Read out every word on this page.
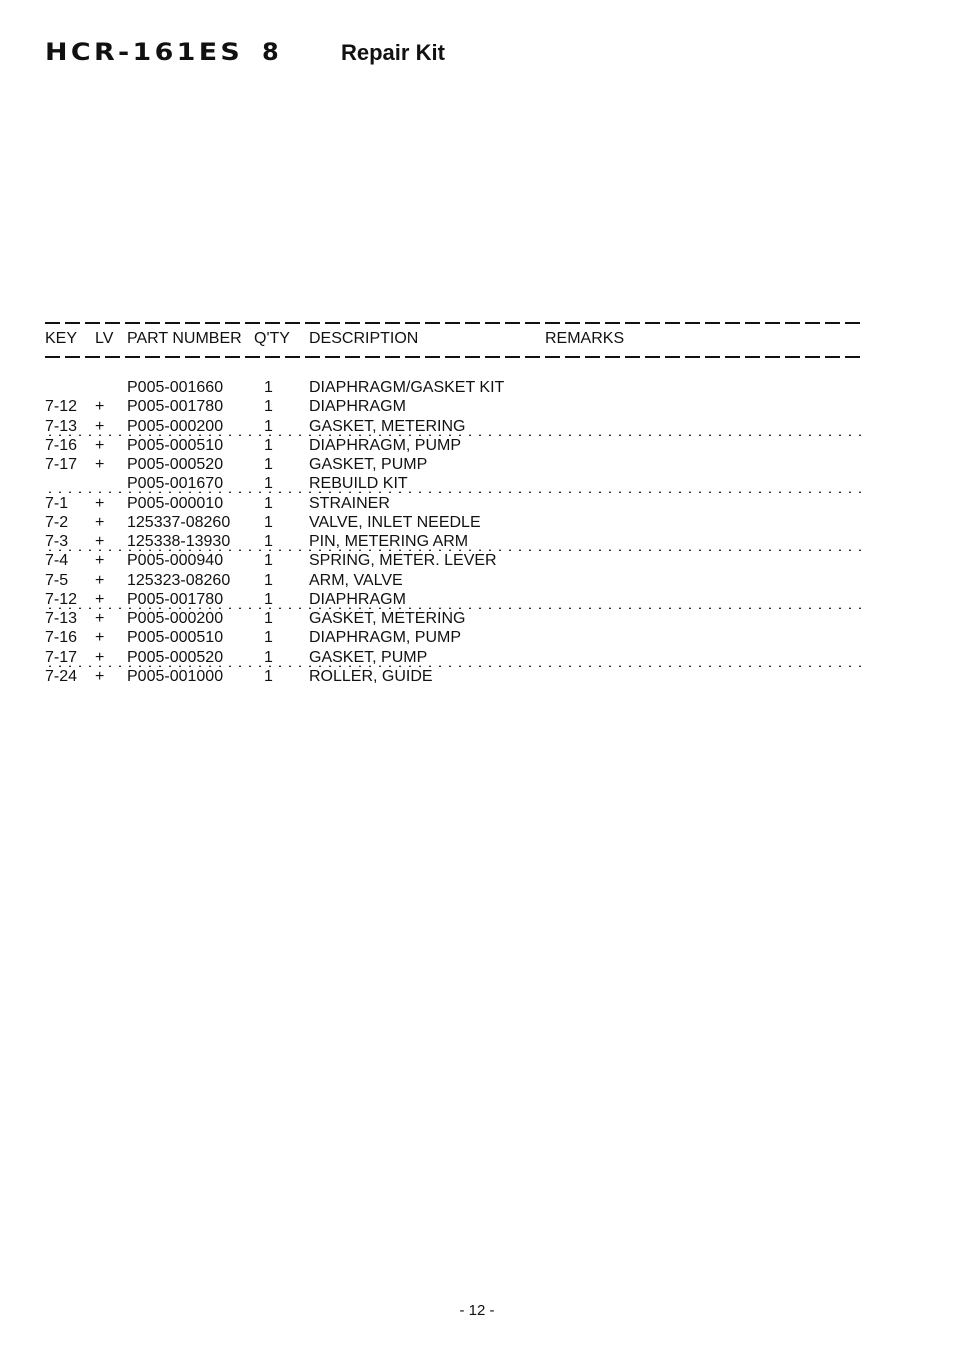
HCR-161ES 8	Repair Kit
KEY LV PART NUMBER Q'TY DESCRIPTION	REMARKS
P005-001660	1 DIAPHRAGM/GASKET KIT
7-12 + P005-001780	1 DIAPHRAGM
7-13 + P005-000200	1 GASKET, METERING
7-16 + P005-000510	1 DIAPHRAGM, PUMP
7-17 + P005-000520	1 GASKET, PUMP
P005-001670	1 REBUILD KIT
7-1 + P005-000010	1 STRAINER
7-2 + 125337-08260 1 VALVE, INLET NEEDLE
7-3 + 125338-13930 1 PIN, METERING ARM
7-4 + P005-000940	1 SPRING, METER. LEVER
7-5 + 125323-08260 1 ARM, VALVE
7-12 + P005-001780	1 DIAPHRAGM
7-13 + P005-000200	1 GASKET, METERING
7-16 + P005-000510	1 DIAPHRAGM, PUMP
7-17 + P005-000520	1 GASKET, PUMP
7-24 + P005-001000	1 ROLLER, GUIDE
- 12 -
